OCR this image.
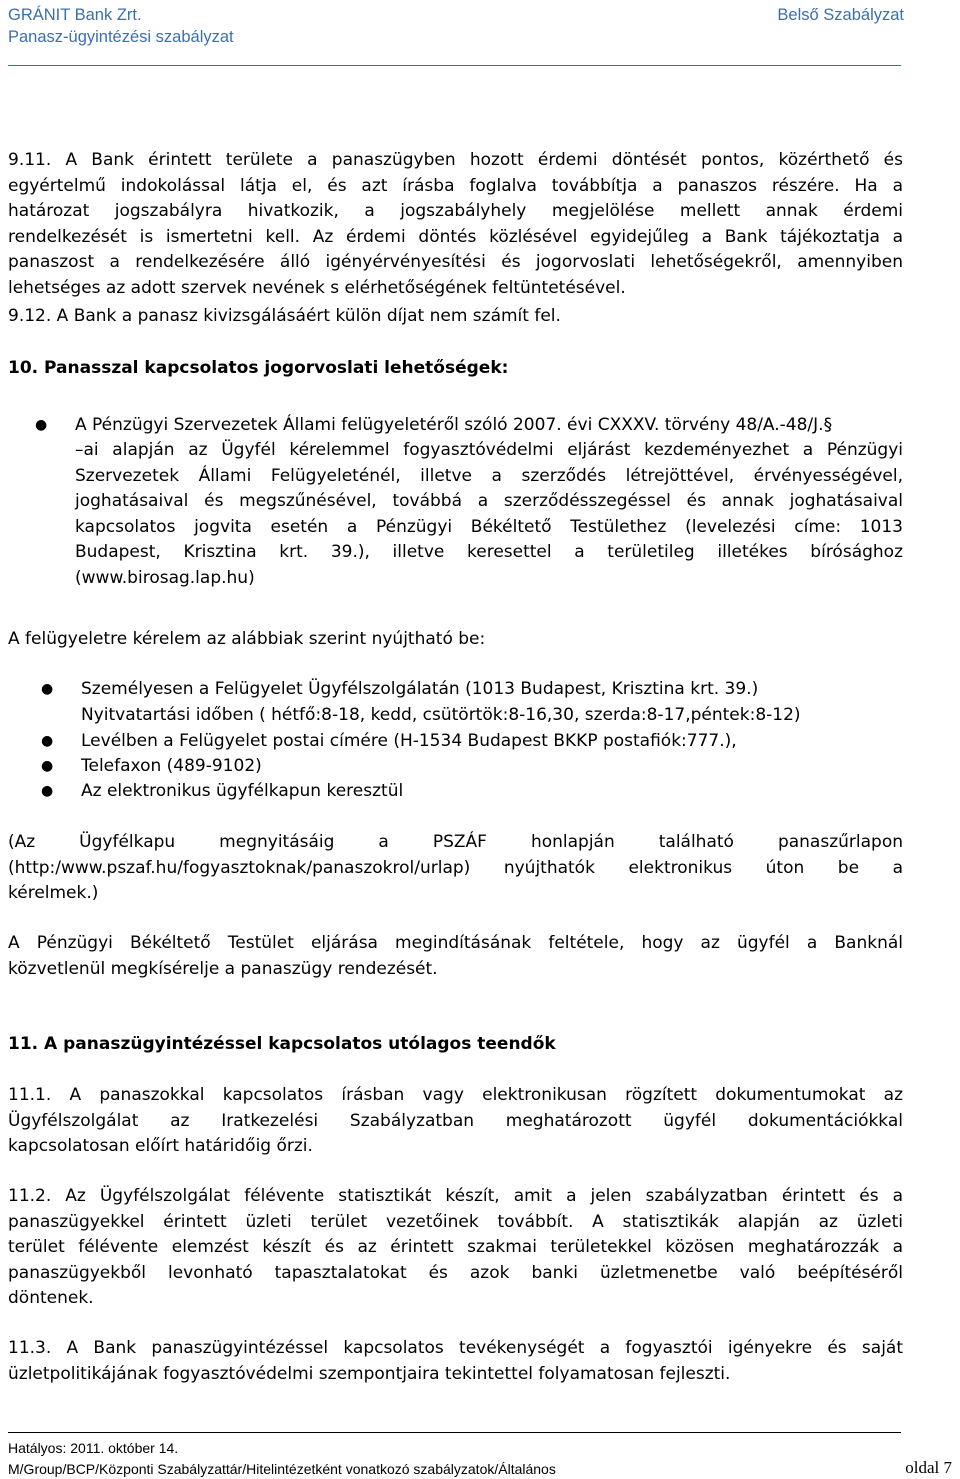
GRÁNIT Bank Zrt.	Belső Szabályzat
Panasz-ügyintézési szabályzat
9.11. A Bank érintett területe a panaszügyben hozott érdemi döntését pontos, közérthető és
egyértelmű indokolással látja el, és azt írásba foglalva továbbítja a panaszos részére. Ha a
határozat jogszabályra hivatkozik, a jogszabályhely megjelölése mellett annak érdemi
rendelkezését is ismertetni kell. Az érdemi döntés közlésével egyidejűleg a Bank tájékoztatja a
panaszost a rendelkezésére álló igényérvényesítési és jogorvoslati lehetőségekről, amennyiben
lehetséges az adott szervek nevének s elérhetőségének feltüntetésével.
9.12. A Bank a panasz kivizsgálásáért külön díjat nem számít fel.
10. Panasszal kapcsolatos jogorvoslati lehetőségek:
● A Pénzügyi Szervezetek Állami felügyeletéről szóló 2007. évi CXXXV. törvény 48/A.-48/J.§
–ai alapján az Ügyfél kérelemmel fogyasztóvédelmi eljárást kezdeményezhet a Pénzügyi
Szervezetek Állami Felügyeleténél, illetve a szerződés létrejöttével, érvényességével,
joghatásaival és megszűnésével, továbbá a szerződésszegéssel és annak joghatásaival
kapcsolatos jogvita esetén a Pénzügyi Békéltető Testülethez (levelezési címe: 1013
Budapest, Krisztina krt. 39.), illetve keresettel a területileg illetékes bírósághoz
(www.birosag.lap.hu)
A felügyeletre kérelem az alábbiak szerint nyújtható be:
● Személyesen a Felügyelet Ügyfélszolgálatán (1013 Budapest, Krisztina krt. 39.)
Nyitvatartási időben ( hétfő:8-18, kedd, csütörtök:8-16,30, szerda:8-17,péntek:8-12)
● Levélben a Felügyelet postai címére (H-1534 Budapest BKKP postafiók:777.),
● Telefaxon (489-9102)
● Az elektronikus ügyfélkapun keresztül
(Az Ügyfélkapu megnyitásáig a PSZÁF honlapján található panaszűrlapon
(http:/www.pszaf.hu/fogyasztoknak/panaszokrol/urlap) nyújthatók elektronikus úton be a
kérelmek.)
A Pénzügyi Békéltető Testület eljárása megindításának feltétele, hogy az ügyfél a Banknál
közvetlenül megkísérelje a panaszügy rendezését.
11. A panaszügyintézéssel kapcsolatos utólagos teendők
11.1. A panaszokkal kapcsolatos írásban vagy elektronikusan rögzített dokumentumokat az
Ügyfélszolgálat az Iratkezelési Szabályzatban meghatározott ügyfél dokumentációkkal
kapcsolatosan előírt határidőig őrzi.
11.2. Az Ügyfélszolgálat félévente statisztikát készít, amit a jelen szabályzatban érintett és a
panaszügyekkel érintett üzleti terület vezetőinek továbbít. A statisztikák alapján az üzleti
terület félévente elemzést készít és az érintett szakmai területekkel közösen meghatározzák a
panaszügyekből levonható tapasztalatokat és azok banki üzletmenetbe való beépítéséről
döntenek.
11.3. A Bank panaszügyintézéssel kapcsolatos tevékenységét a fogyasztói igényekre és saját
üzletpolitikájának fogyasztóvédelmi szempontjaira tekintettel folyamatosan fejleszti.
Hatályos: 2011. október 14.
M/Group/BCP/Központi Szabályzattár/Hitelintézetként vonatkozó szabályzatok/Általános	oldal 7
